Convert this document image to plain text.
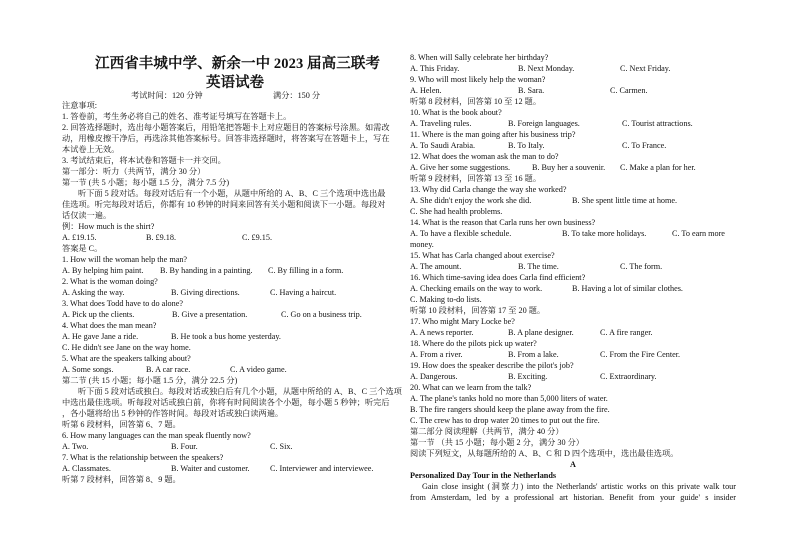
江西省丰城中学、新余一中 2023 届高三联考
英语试卷
考试时间：120 分钟	满分：150 分
注意事项:
1. 答卷前，考生务必将自己的姓名、准考证号填写在答题卡上。
2. 回答选择题时，选出每小题答案后，用铅笔把答题卡上对应题目的答案标号涂黑。如需改
动，用橡皮擦干净后，再选涂其他答案标号。回答非选择题时，将答案写在答题卡上，写在
本试卷上无效。
3. 考试结束后，将本试卷和答题卡一并交回。
第一部分：听力（共两节，满分 30 分）
第一节 (共 5 小题；每小题 1.5 分，满分 7.5 分)
听下面 5 段对话。每段对话后有一个小题，从题中所给的 A、B、C 三个选项中选出最
佳选项。听完每段对话后，你都有 10 秒钟的时间来回答有关小题和阅读下一小题。每段对
话仅读一遍。
例：How much is the shirt?
A. £19.15.	B. £9.18.	C. £9.15.
答案是 C。
1. How will the woman help the man?
A. By helping him paint. B. By handing in a painting. C. By filling in a form.
2. What is the woman doing?
A. Asking the way.	B. Giving directions.	C. Having a haircut.
3. What does Todd have to do alone?
A. Pick up the clients.	B. Give a presentation.	C. Go on a business trip.
4. What does the man mean?
A. He gave Jane a ride.	B. He took a bus home yesterday.
C. He didn't see Jane on the way home.
5. What are the speakers talking about?
A. Some songs.	B. A car race.	C. A video game.
第二节 (共 15 小题；每小题 1.5 分，满分 22.5 分)
听下面 5 段对话或独白。每段对话或独白后有几个小题，从题中所给的 A、B、C 三个选项
中选出最佳选项。听每段对话或独白前，你将有时间阅读各个小题，每小题 5 秒钟；听完后
，各小题将给出 5 秒钟的作答时间。每段对话或独白读两遍。
听第 6 段材料，回答第 6、7 题。
6. How many languages can the man speak fluently now?
A. Two.	B. Four.	C. Six.
7. What is the relationship between the speakers?
A. Classmates.	B. Waiter and customer. C. Interviewer and interviewee.
听第 7 段材料，回答第 8、9 题。
8. When will Sally celebrate her birthday?
A. This Friday.	B. Next Monday.	C. Next Friday.
9. Who will most likely help the woman?
A. Helen.	B. Sara.	C. Carmen.
听第 8 段材料，回答第 10 至 12 题。
10. What is the book about?
A. Traveling rules.	B. Foreign languages.	C. Tourist attractions.
11. Where is the man going after his business trip?
A. To Saudi Arabia.	B. To Italy.	C. To France.
12. What does the woman ask the man to do?
A. Give her some suggestions.	B. Buy her a souvenir. C. Make a plan for her.
听第 9 段材料，回答第 13 至 16 题。
13. Why did Carla change the way she worked?
A. She didn't enjoy the work she did.	B. She spent little time at home.
C. She had health problems.
14. What is the reason that Carla runs her own business?
A. To have a flexible schedule.	B. To take more holidays.	C. To earn more
money.
15. What has Carla changed about exercise?
A. The amount.	B. The time.	C. The form.
16. Which time-saving idea does Carla find efficient?
A. Checking emails on the way to work.	B. Having a lot of similar clothes.
C. Making to-do lists.
听第 10 段材料，回答第 17 至 20 题。
17. Who might Mary Locke be?
A. A news reporter.	B. A plane designer.	C. A fire ranger.
18. Where do the pilots pick up water?
A. From a river.	B. From a lake.	C. From the Fire Center.
19. How does the speaker describe the pilot's job?
A. Dangerous.	B. Exciting.	C. Extraordinary.
20. What can we learn from the talk?
A. The plane's tanks hold no more than 5,000 liters of water.
B. The fire rangers should keep the plane away from the fire.
C. The crew has to drop water 20 times to put out the fire.
第二部分 阅读理解（共两节，满分 40 分）
第一节 （共 15 小题；每小题 2 分，满分 30 分）
阅读下列短文，从每题所给的 A、B、C 和 D 四个选项中，选出最佳选项。
A
Personalized Day Tour in the Netherlands
Gain close insight (洞察力) into the Netherlands' artistic works on this private walk tour
from Amsterdam, led by a professional art historian. Benefit from your guide' s insider
